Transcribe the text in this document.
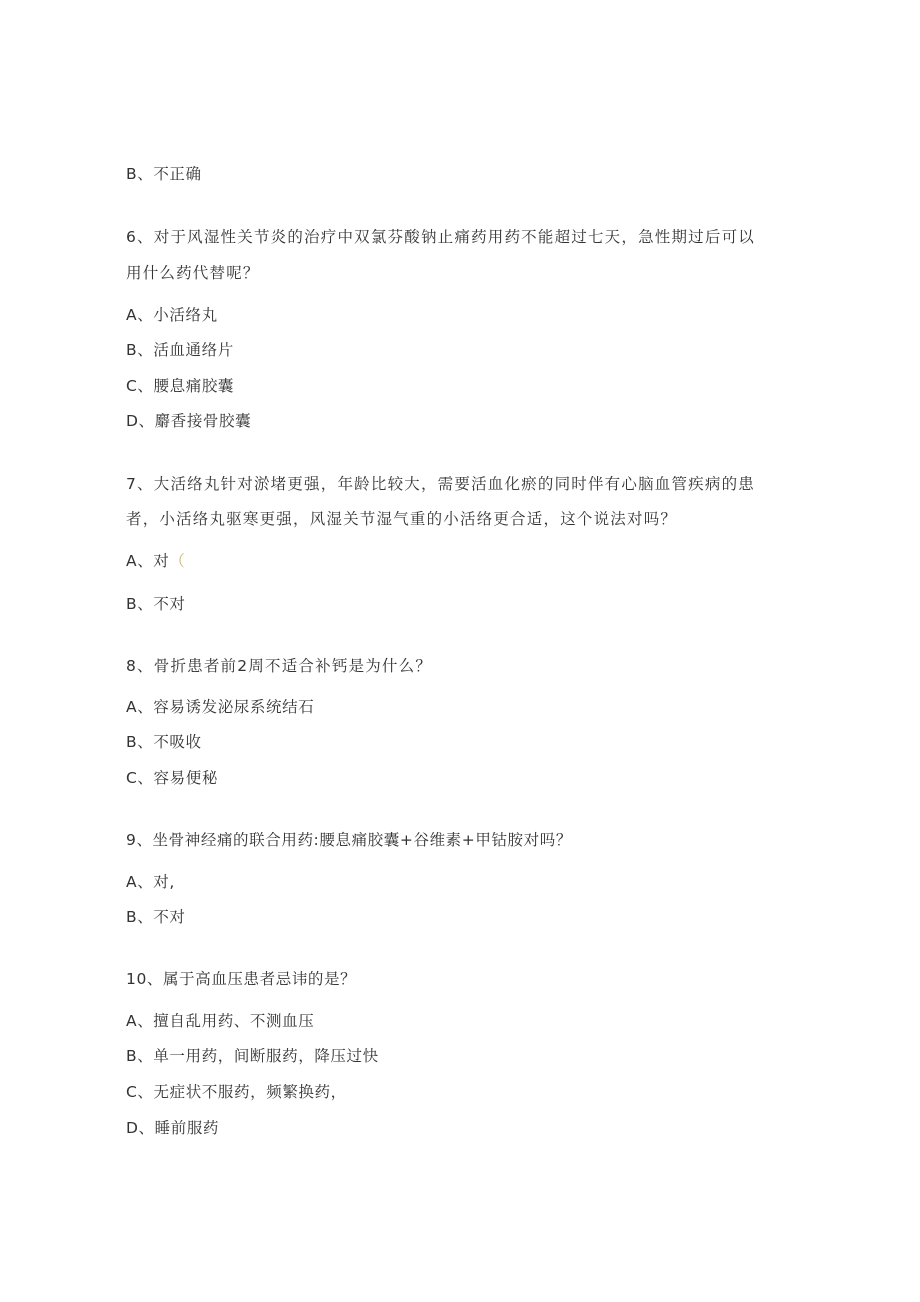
B、不正确
6、对于风湿性关节炎的治疗中双氯芬酸钠止痛药用药不能超过七天，急性期过后可以
用什么药代替呢？
A、小活络丸
B、活血通络片
C、腰息痛胶囊
D、麝香接骨胶囊
7、大活络丸针对淤堵更强，年龄比较大，需要活血化瘀的同时伴有心脑血管疾病的患
者，小活络丸驱寒更强，风湿关节湿气重的小活络更合适，这个说法对吗？
A、对（
B、不对
8、骨折患者前2周不适合补钙是为什么？
A、容易诱发泌尿系统结石
B、不吸收
C、容易便秘
9、坐骨神经痛的联合用药:腰息痛胶囊+谷维素+甲钴胺对吗？
A、对,
B、不对
10、属于高血压患者忌讳的是？
A、擅自乱用药、不测血压
B、单一用药，间断服药，降压过快
C、无症状不服药，频繁换药，
D、睡前服药
